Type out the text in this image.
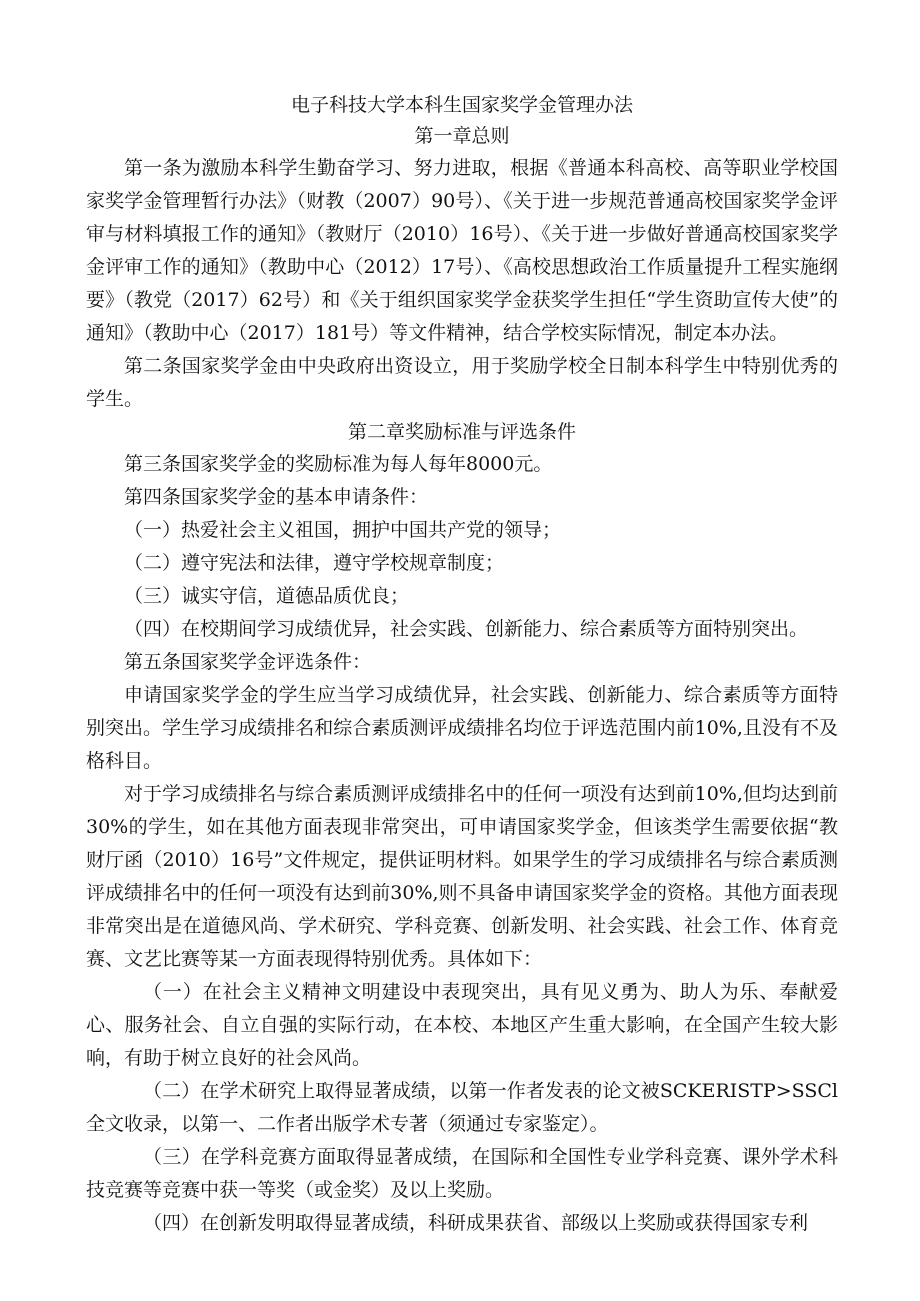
电子科技大学本科生国家奖学金管理办法

第一章总则

第一条为激励本科学生勤奋学习、努力进取，根据《普通本科高校、高等职业学校国家奖学金管理暂行办法》（财教（2007）90号）、《关于进一步规范普通高校国家奖学金评审与材料填报工作的通知》（教财厅（2010）16号）、《关于进一步做好普通高校国家奖学金评审工作的通知》（教助中心（2012）17号）、《高校思想政治工作质量提升工程实施纲要》（教党（2017）62号）和《关于组织国家奖学金获奖学生担任“学生资助宣传大使”的通知》（教助中心（2017）181号）等文件精神，结合学校实际情况，制定本办法。

第二条国家奖学金由中央政府出资设立，用于奖励学校全日制本科学生中特别优秀的学生。

第二章奖励标准与评选条件

第三条国家奖学金的奖励标准为每人每年8000元。

第四条国家奖学金的基本申请条件：

（一）热爱社会主义祖国，拥护中国共产党的领导；

（二）遵守宪法和法律，遵守学校规章制度；

（三）诚实守信，道德品质优良；

（四）在校期间学习成绩优异，社会实践、创新能力、综合素质等方面特别突出。

第五条国家奖学金评选条件：

申请国家奖学金的学生应当学习成绩优异，社会实践、创新能力、综合素质等方面特别突出。学生学习成绩排名和综合素质测评成绩排名均位于评选范围内前10%,且没有不及格科目。

对于学习成绩排名与综合素质测评成绩排名中的任何一项没有达到前10%,但均达到前30%的学生，如在其他方面表现非常突出，可申请国家奖学金，但该类学生需要依据“教财厅函（2010）16号”文件规定，提供证明材料。如果学生的学习成绩排名与综合素质测评成绩排名中的任何一项没有达到前30%,则不具备申请国家奖学金的资格。其他方面表现非常突出是在道德风尚、学术研究、学科竞赛、创新发明、社会实践、社会工作、体育竞赛、文艺比赛等某一方面表现得特别优秀。具体如下：

（一）在社会主义精神文明建设中表现突出，具有见义勇为、助人为乐、奉献爱心、服务社会、自立自强的实际行动，在本校、本地区产生重大影响，在全国产生较大影响，有助于树立良好的社会风尚。

（二）在学术研究上取得显著成绩，以第一作者发表的论文被SCKERISTP>SSCl全文收录，以第一、二作者出版学术专著（须通过专家鉴定）。

（三）在学科竞赛方面取得显著成绩，在国际和全国性专业学科竞赛、课外学术科技竞赛等竞赛中获一等奖（或金奖）及以上奖励。

（四）在创新发明取得显著成绩，科研成果获省、部级以上奖励或获得国家专利
